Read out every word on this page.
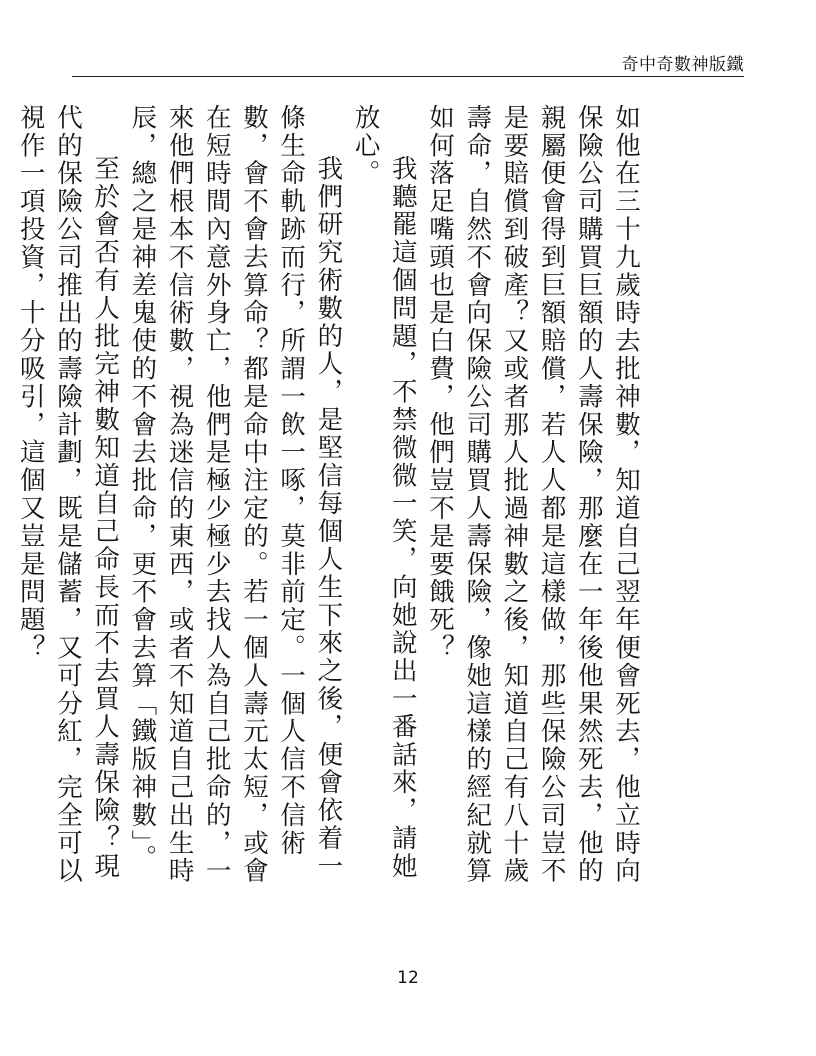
奇中奇數神版鐵

如他在三十九歲時去批神數，知道自己翌年便會死去，他立時向保險公司購買巨額的人壽保險，那麼在一年後他果然死去，他的親屬便會得到巨額賠償，若人人都是這樣做，那些保險公司豈不是要賠償到破產？又或者那人批過神數之後，知道自己有八十歲壽命，自然不會向保險公司購買人壽保險，像她這樣的經紀就算如何落足嘴頭也是白費，他們豈不是要餓死？

我聽罷這個問題，不禁微微一笑，向她說出一番話來，請她放心。

我們研究術數的人，是堅信每個人生下來之後，便會依着一條生命軌跡而行，所謂一飲一啄，莫非前定。一個人信不信術數，會不會去算命？都是命中注定的。若一個人壽元太短，或會在短時間內意外身亡，他們是極少極少去找人為自己批命的，一來他們根本不信術數，視為迷信的東西，或者不知道自己出生時辰，總之是神差鬼使的不會去批命，更不會去算「鐵版神數」。

至於會否有人批完神數知道自己命長而不去買人壽保險？現代的保險公司推出的壽險計劃，既是儲蓄，又可分紅，完全可以視作一項投資，十分吸引，這個又豈是問題？

12
